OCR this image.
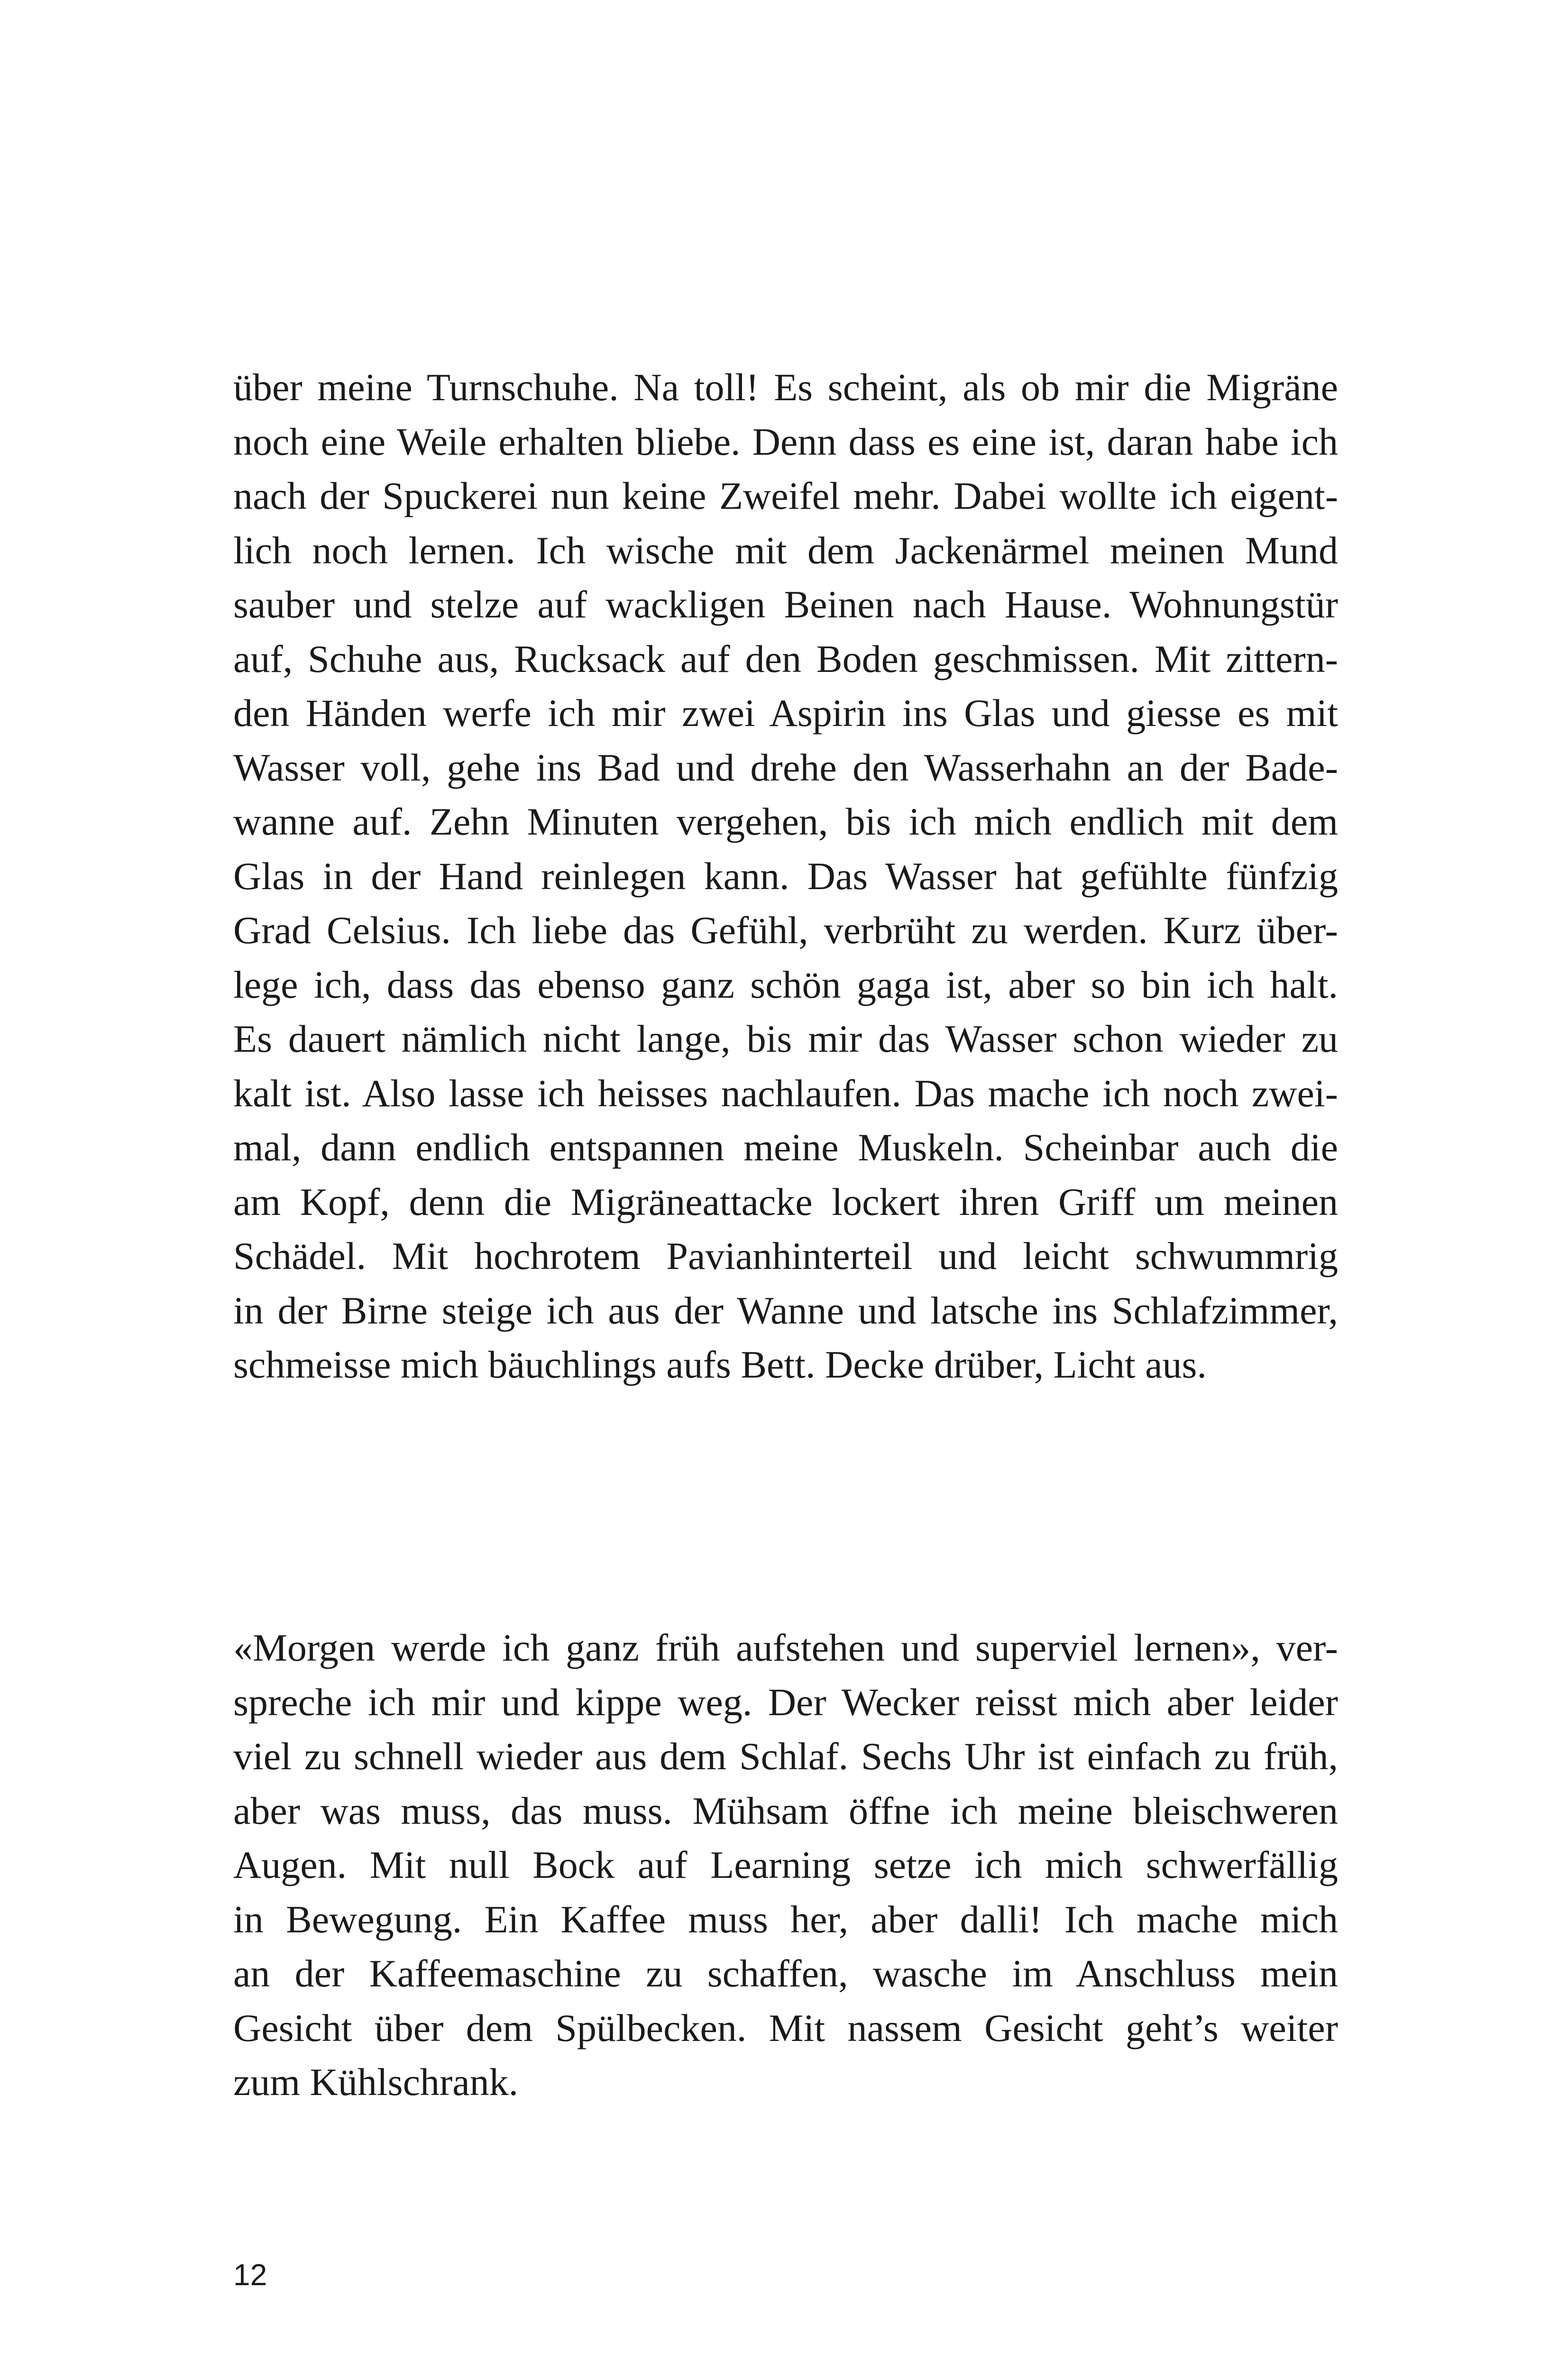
über meine Turnschuhe. Na toll! Es scheint, als ob mir die Migräne
noch eine Weile erhalten bliebe. Denn dass es eine ist, daran habe ich
nach der Spuckerei nun keine Zweifel mehr. Dabei wollte ich eigent-
lich noch lernen. Ich wische mit dem Jackenärmel meinen Mund
sauber und stelze auf wackligen Beinen nach Hause. Wohnungstür
auf, Schuhe aus, Rucksack auf den Boden geschmissen. Mit zittern-
den Händen werfe ich mir zwei Aspirin ins Glas und giesse es mit
Wasser voll, gehe ins Bad und drehe den Wasserhahn an der Bade-
wanne auf. Zehn Minuten vergehen, bis ich mich endlich mit dem
Glas in der Hand reinlegen kann. Das Wasser hat gefühlte fünfzig
Grad Celsius. Ich liebe das Gefühl, verbrüht zu werden. Kurz über-
lege ich, dass das ebenso ganz schön gaga ist, aber so bin ich halt.
Es dauert nämlich nicht lange, bis mir das Wasser schon wieder zu
kalt ist. Also lasse ich heisses nachlaufen. Das mache ich noch zwei-
mal, dann endlich entspannen meine Muskeln. Scheinbar auch die
am Kopf, denn die Migräneattacke lockert ihren Griff um meinen
Schädel. Mit hochrotem Pavianhinterteil und leicht schwummrig
in der Birne steige ich aus der Wanne und latsche ins Schlafzimmer,
schmeisse mich bäuchlings aufs Bett. Decke drüber, Licht aus.
«Morgen werde ich ganz früh aufstehen und superviel lernen», ver-
spreche ich mir und kippe weg. Der Wecker reisst mich aber leider
viel zu schnell wieder aus dem Schlaf. Sechs Uhr ist einfach zu früh,
aber was muss, das muss. Mühsam öffne ich meine bleischweren
Augen. Mit null Bock auf Learning setze ich mich schwerfällig
in Bewegung. Ein Kaffee muss her, aber dalli! Ich mache mich
an der Kaffeemaschine zu schaffen, wasche im Anschluss mein
Gesicht über dem Spülbecken. Mit nassem Gesicht geht’s weiter
zum Kühlschrank.
12
